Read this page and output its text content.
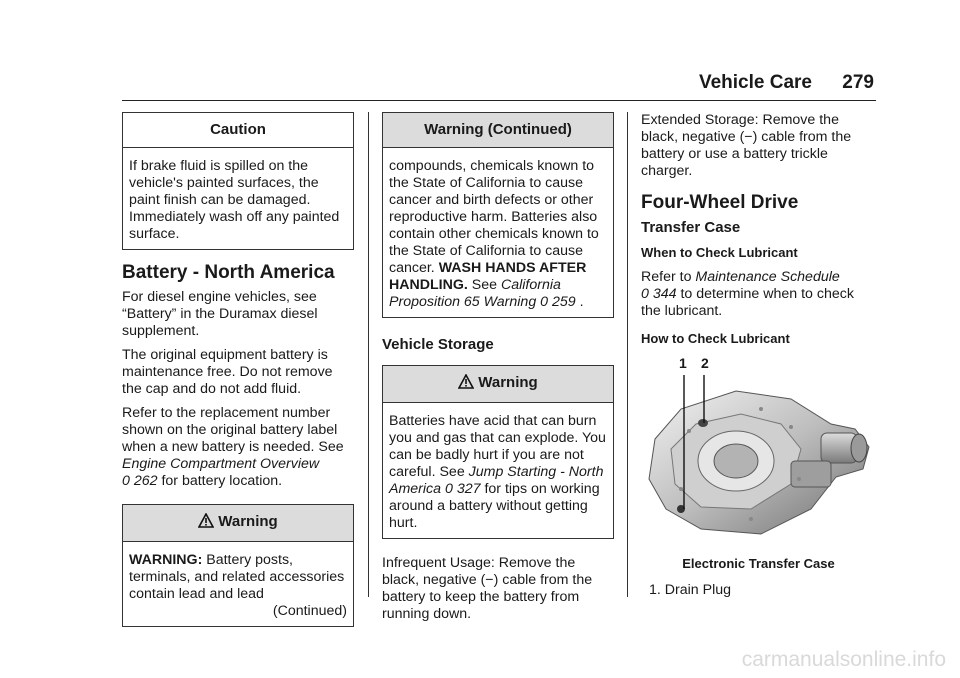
Vehicle Care 279
Caution
If brake fluid is spilled on the vehicle's painted surfaces, the paint finish can be damaged. Immediately wash off any painted surface.
Battery - North America

For diesel engine vehicles, see “Battery” in the Duramax diesel supplement.

The original equipment battery is maintenance free. Do not remove the cap and do not add fluid.

Refer to the replacement number shown on the original battery label when a new battery is needed. See Engine Compartment Overview
0 262 for battery location.

Warning
WARNING: Battery posts, terminals, and related accessories contain lead and lead
(Continued)
Warning (Continued)
compounds, chemicals known to the State of California to cause cancer and birth defects or other reproductive harm. Batteries also contain other chemicals known to the State of California to cause cancer. WASH HANDS AFTER HANDLING. See California Proposition 65 Warning 0 259 .
Vehicle Storage
Warning
Batteries have acid that can burn you and gas that can explode. You can be badly hurt if you are not careful. See Jump Starting - North America 0 327 for tips on working around a battery without getting hurt.

Infrequent Usage: Remove the black, negative (−) cable from the battery to keep the battery from running down.

Extended Storage: Remove the black, negative (−) cable from the battery or use a battery trickle charger.

Four-Wheel Drive
Transfer Case
When to Check Lubricant

Refer to Maintenance Schedule
0 344 to determine when to check the lubricant.

How to Check Lubricant
1 2
Electronic Transfer Case
1. Drain Plug
carmanualsonline.info
